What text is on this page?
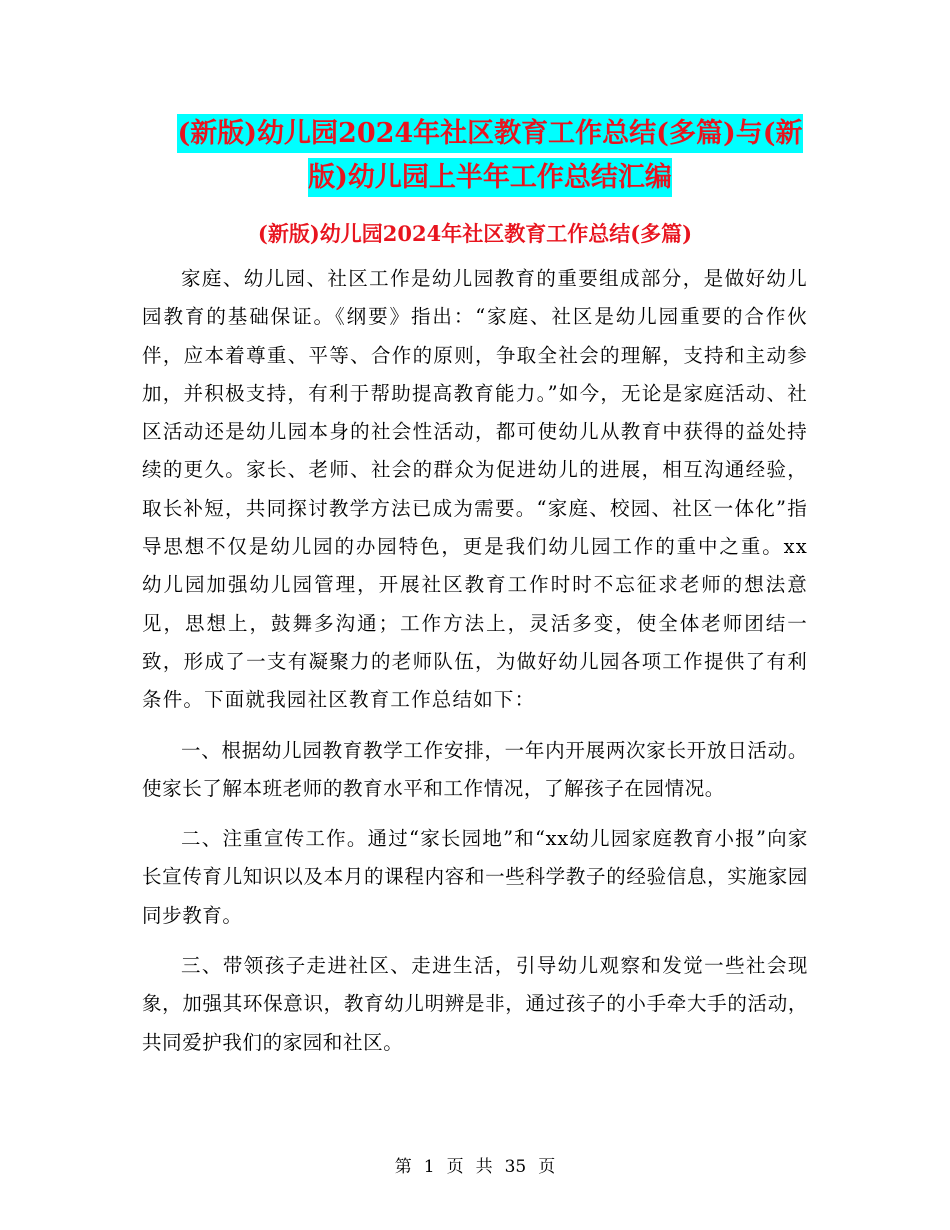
(新版)幼儿园2024年社区教育工作总结(多篇)与(新版)幼儿园上半年工作总结汇编
(新版)幼儿园2024年社区教育工作总结(多篇)

家庭、幼儿园、社区工作是幼儿园教育的重要组成部分，是做好幼儿园教育的基础保证。《纲要》指出：“家庭、社区是幼儿园重要的合作伙伴，应本着尊重、平等、合作的原则，争取全社会的理解，支持和主动参加，并积极支持，有利于帮助提高教育能力。”如今，无论是家庭活动、社区活动还是幼儿园本身的社会性活动，都可使幼儿从教育中获得的益处持续的更久。家长、老师、社会的群众为促进幼儿的进展，相互沟通经验，取长补短，共同探讨教学方法已成为需要。“家庭、校园、社区一体化”指导思想不仅是幼儿园的办园特色，更是我们幼儿园工作的重中之重。xx幼儿园加强幼儿园管理，开展社区教育工作时时不忘征求老师的想法意见，思想上，鼓舞多沟通；工作方法上，灵活多变，使全体老师团结一致，形成了一支有凝聚力的老师队伍，为做好幼儿园各项工作提供了有利条件。下面就我园社区教育工作总结如下：

一、根据幼儿园教育教学工作安排，一年内开展两次家长开放日活动。使家长了解本班老师的教育水平和工作情况，了解孩子在园情况。

二、注重宣传工作。通过“家长园地”和“xx幼儿园家庭教育小报”向家长宣传育儿知识以及本月的课程内容和一些科学教子的经验信息，实施家园同步教育。

三、带领孩子走进社区、走进生活，引导幼儿观察和发觉一些社会现象，加强其环保意识，教育幼儿明辨是非，通过孩子的小手牵大手的活动，共同爱护我们的家园和社区。

第 1 页 共 35 页
